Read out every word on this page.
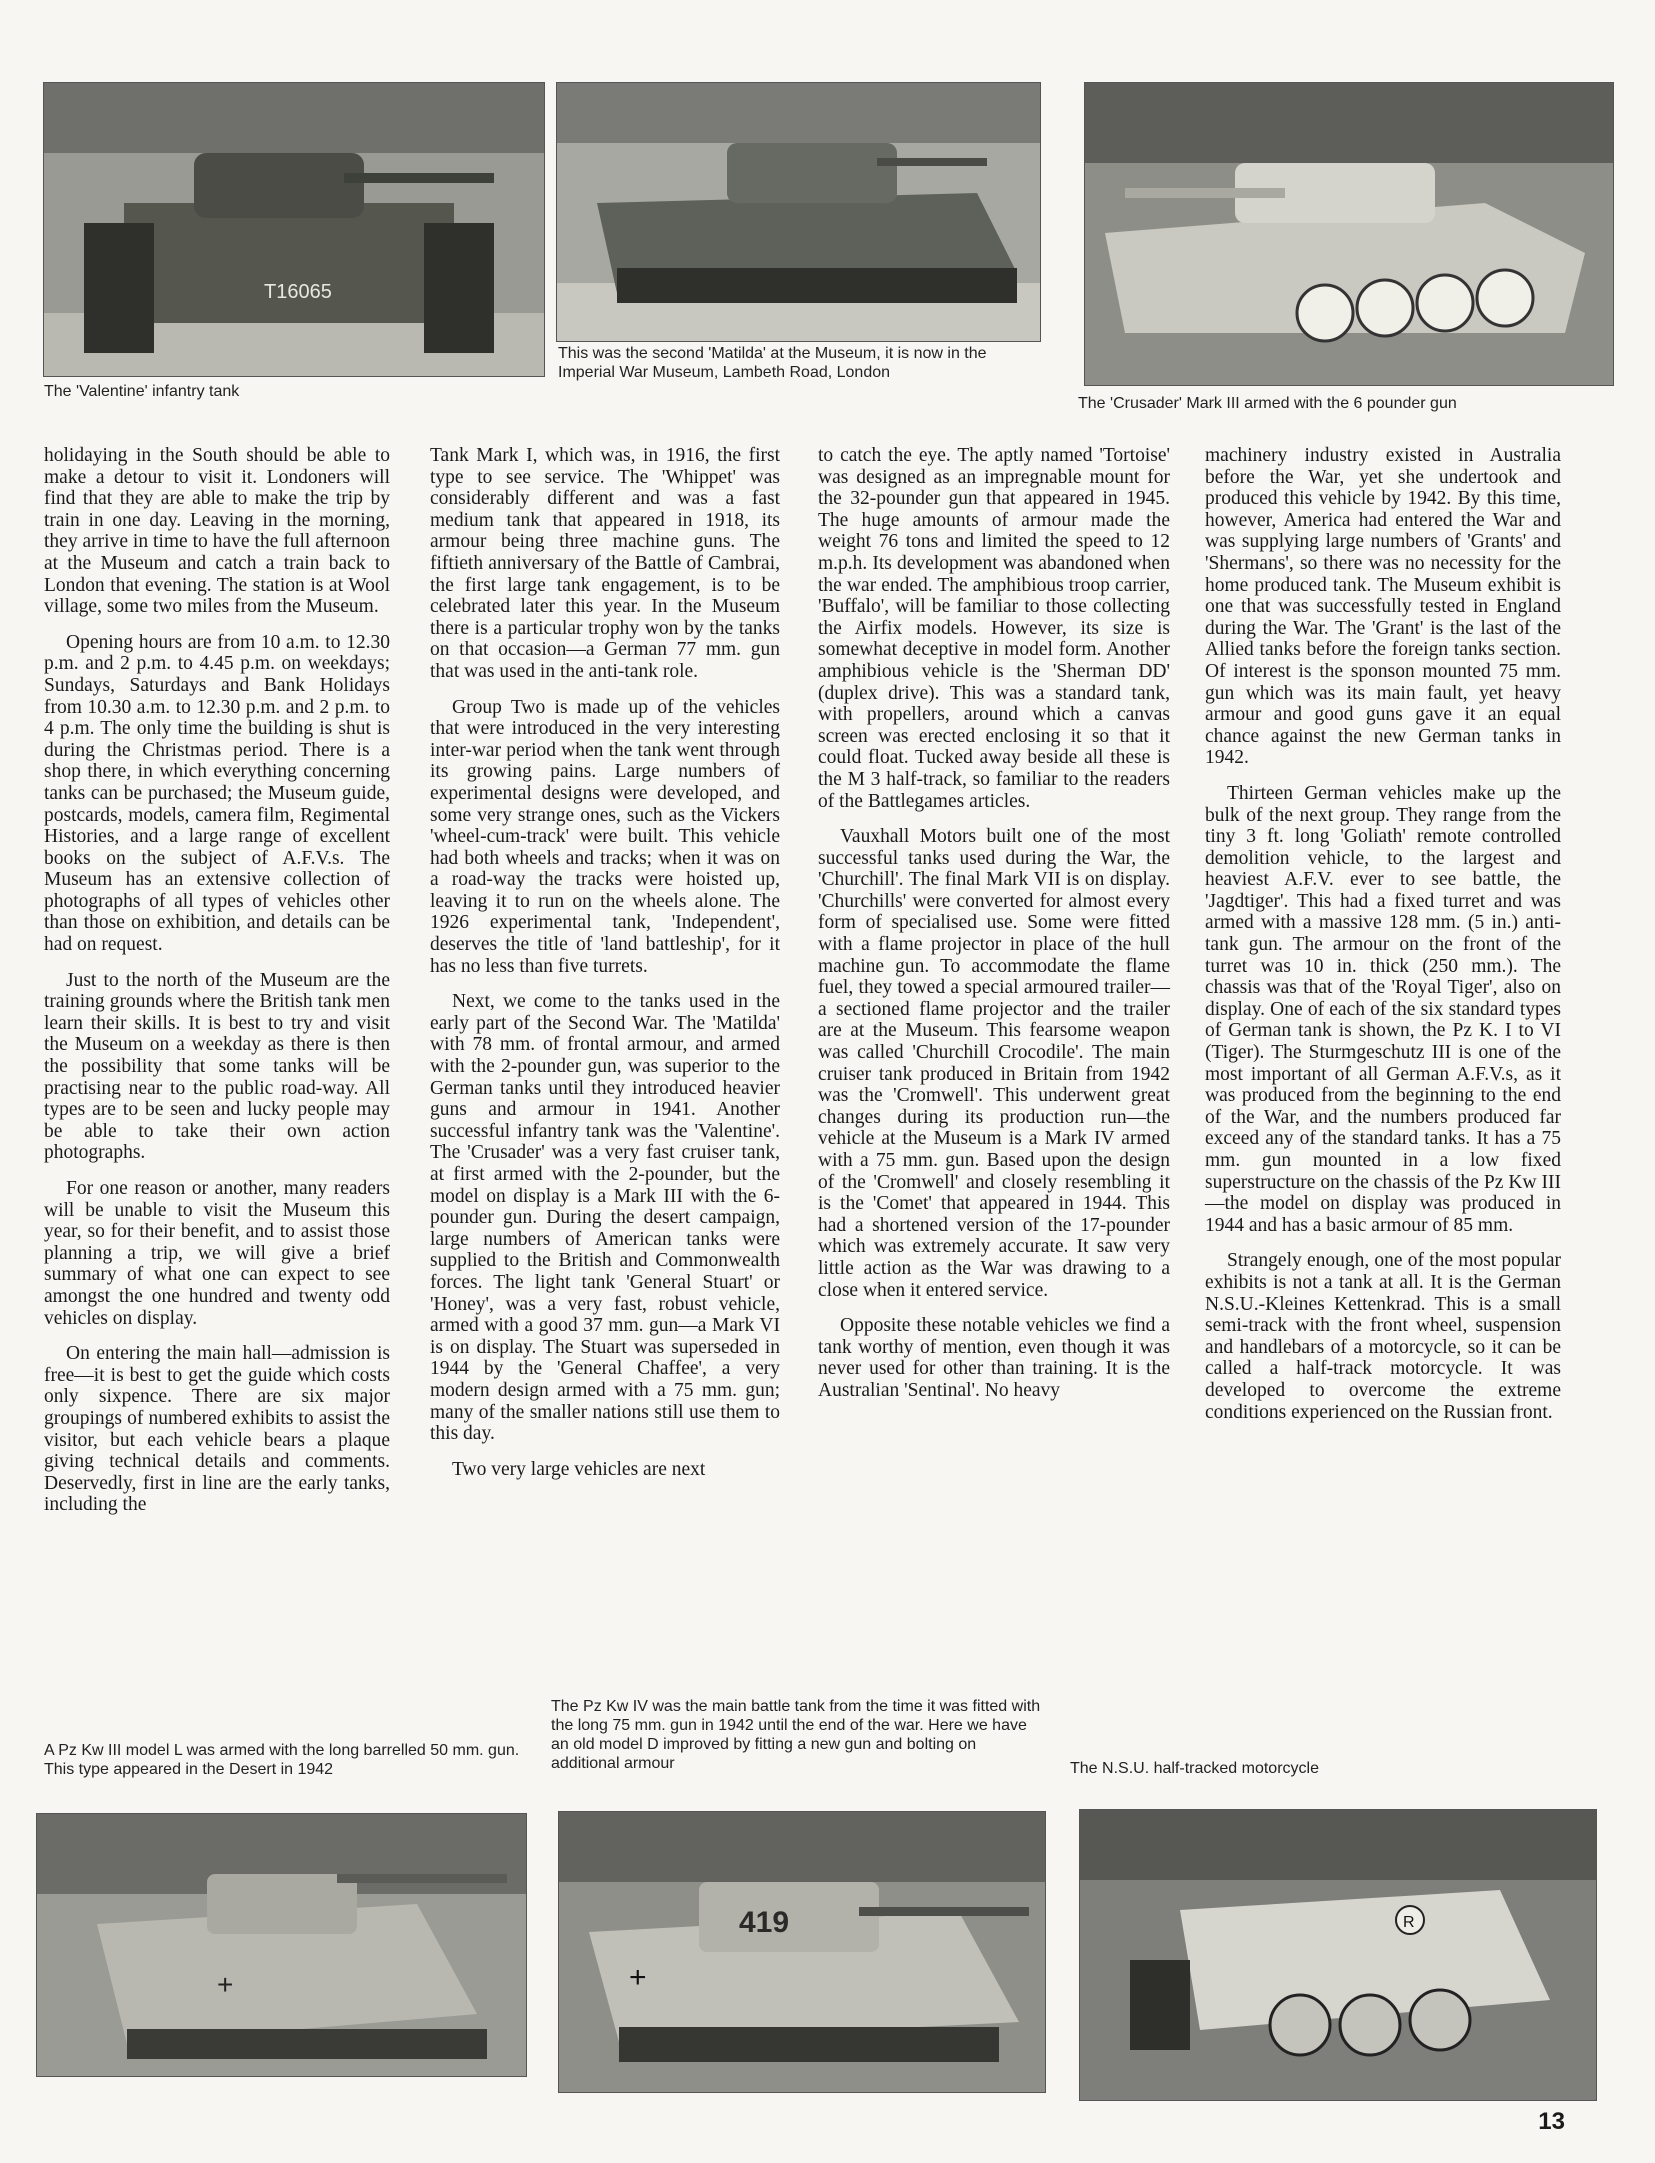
T16065
The 'Valentine' infantry tank
This was the second 'Matilda' at the Museum, it is now in the Imperial War Museum, Lambeth Road, London
The 'Crusader' Mark III armed with the 6 pounder gun

holidaying in the South should be able to make a detour to visit it. Londoners will find that they are able to make the trip by train in one day. Leaving in the morning, they arrive in time to have the full afternoon at the Museum and catch a train back to London that evening. The station is at Wool village, some two miles from the Museum.

Opening hours are from 10 a.m. to 12.30 p.m. and 2 p.m. to 4.45 p.m. on weekdays; Sundays, Saturdays and Bank Holidays from 10.30 a.m. to 12.30 p.m. and 2 p.m. to 4 p.m. The only time the building is shut is during the Christmas period. There is a shop there, in which everything concerning tanks can be purchased; the Museum guide, postcards, models, camera film, Regimental Histories, and a large range of excellent books on the subject of A.F.V.s. The Museum has an extensive collection of photographs of all types of vehicles other than those on exhibition, and details can be had on request.

Just to the north of the Museum are the training grounds where the British tank men learn their skills. It is best to try and visit the Museum on a weekday as there is then the possibility that some tanks will be practising near to the public road-way. All types are to be seen and lucky people may be able to take their own action photographs.

For one reason or another, many readers will be unable to visit the Museum this year, so for their benefit, and to assist those planning a trip, we will give a brief summary of what one can expect to see amongst the one hundred and twenty odd vehicles on display.

On entering the main hall—admission is free—it is best to get the guide which costs only sixpence. There are six major groupings of numbered exhibits to assist the visitor, but each vehicle bears a plaque giving technical details and comments. Deservedly, first in line are the early tanks, including the

Tank Mark I, which was, in 1916, the first type to see service. The 'Whippet' was considerably different and was a fast medium tank that appeared in 1918, its armour being three machine guns. The fiftieth anniversary of the Battle of Cambrai, the first large tank engagement, is to be celebrated later this year. In the Museum there is a particular trophy won by the tanks on that occasion—a German 77 mm. gun that was used in the anti-tank role.

Group Two is made up of the vehicles that were introduced in the very interesting inter-war period when the tank went through its growing pains. Large numbers of experimental designs were developed, and some very strange ones, such as the Vickers 'wheel-cum-track' were built. This vehicle had both wheels and tracks; when it was on a road-way the tracks were hoisted up, leaving it to run on the wheels alone. The 1926 experimental tank, 'Independent', deserves the title of 'land battleship', for it has no less than five turrets.

Next, we come to the tanks used in the early part of the Second War. The 'Matilda' with 78 mm. of frontal armour, and armed with the 2-pounder gun, was superior to the German tanks until they introduced heavier guns and armour in 1941. Another successful infantry tank was the 'Valentine'. The 'Crusader' was a very fast cruiser tank, at first armed with the 2-pounder, but the model on display is a Mark III with the 6-pounder gun. During the desert campaign, large numbers of American tanks were supplied to the British and Commonwealth forces. The light tank 'General Stuart' or 'Honey', was a very fast, robust vehicle, armed with a good 37 mm. gun—a Mark VI is on display. The Stuart was superseded in 1944 by the 'General Chaffee', a very modern design armed with a 75 mm. gun; many of the smaller nations still use them to this day.

Two very large vehicles are next

to catch the eye. The aptly named 'Tortoise' was designed as an impregnable mount for the 32-pounder gun that appeared in 1945. The huge amounts of armour made the weight 76 tons and limited the speed to 12 m.p.h. Its development was abandoned when the war ended. The amphibious troop carrier, 'Buffalo', will be familiar to those collecting the Airfix models. However, its size is somewhat deceptive in model form. Another amphibious vehicle is the 'Sherman DD' (duplex drive). This was a standard tank, with propellers, around which a canvas screen was erected enclosing it so that it could float. Tucked away beside all these is the M 3 half-track, so familiar to the readers of the Battlegames articles.

Vauxhall Motors built one of the most successful tanks used during the War, the 'Churchill'. The final Mark VII is on display. 'Churchills' were converted for almost every form of specialised use. Some were fitted with a flame projector in place of the hull machine gun. To accommodate the flame fuel, they towed a special armoured trailer—a sectioned flame projector and the trailer are at the Museum. This fearsome weapon was called 'Churchill Crocodile'. The main cruiser tank produced in Britain from 1942 was the 'Cromwell'. This underwent great changes during its production run—the vehicle at the Museum is a Mark IV armed with a 75 mm. gun. Based upon the design of the 'Cromwell' and closely resembling it is the 'Comet' that appeared in 1944. This had a shortened version of the 17-pounder which was extremely accurate. It saw very little action as the War was drawing to a close when it entered service.

Opposite these notable vehicles we find a tank worthy of mention, even though it was never used for other than training. It is the Australian 'Sentinal'. No heavy

machinery industry existed in Australia before the War, yet she undertook and produced this vehicle by 1942. By this time, however, America had entered the War and was supplying large numbers of 'Grants' and 'Shermans', so there was no necessity for the home produced tank. The Museum exhibit is one that was successfully tested in England during the War. The 'Grant' is the last of the Allied tanks before the foreign tanks section. Of interest is the sponson mounted 75 mm. gun which was its main fault, yet heavy armour and good guns gave it an equal chance against the new German tanks in 1942.

Thirteen German vehicles make up the bulk of the next group. They range from the tiny 3 ft. long 'Goliath' remote controlled demolition vehicle, to the largest and heaviest A.F.V. ever to see battle, the 'Jagdtiger'. This had a fixed turret and was armed with a massive 128 mm. (5 in.) anti-tank gun. The armour on the front of the turret was 10 in. thick (250 mm.). The chassis was that of the 'Royal Tiger', also on display. One of each of the six standard types of German tank is shown, the Pz K. I to VI (Tiger). The Sturmgeschutz III is one of the most important of all German A.F.V.s, as it was produced from the beginning to the end of the War, and the numbers produced far exceed any of the standard tanks. It has a 75 mm. gun mounted in a low fixed superstructure on the chassis of the Pz Kw III—the model on display was produced in 1944 and has a basic armour of 85 mm.

Strangely enough, one of the most popular exhibits is not a tank at all. It is the German N.S.U.-Kleines Kettenkrad. This is a small semi-track with the front wheel, suspension and handlebars of a motorcycle, so it can be called a half-track motorcycle. It was developed to overcome the extreme conditions experienced on the Russian front.

A Pz Kw III model L was armed with the long barrelled 50 mm. gun. This type appeared in the Desert in 1942
The Pz Kw IV was the main battle tank from the time it was fitted with the long 75 mm. gun in 1942 until the end of the war. Here we have an old model D improved by fitting a new gun and bolting on additional armour	The N.S.U. half-tracked motorcycle
+
419
+
R
13
